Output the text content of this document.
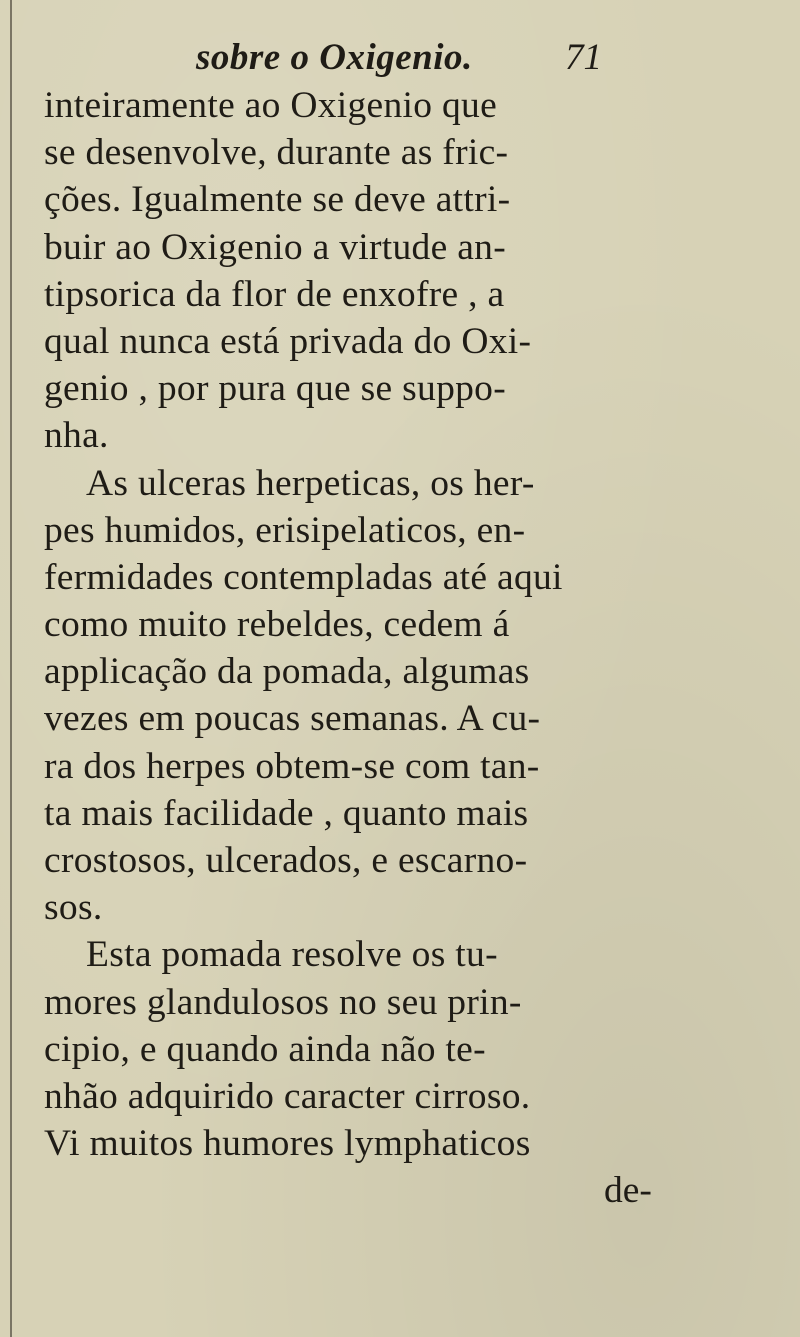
sobre o Oxigenio. 71
inteiramente ao Oxigenio que
se desenvolve, durante as fric-
ções. Igualmente se deve attri-
buir ao Oxigenio a virtude an-
tipsorica da flor de enxofre , a
qual nunca está privada do Oxi-
genio , por pura que se suppo-
nha.
As ulceras herpeticas, os her-
pes humidos, erisipelaticos, en-
fermidades contempladas até aqui
como muito rebeldes, cedem á
applicação da pomada, algumas
vezes em poucas semanas. A cu-
ra dos herpes obtem-se com tan-
ta mais facilidade , quanto mais
crostosos, ulcerados, e escarno-
sos.
Esta pomada resolve os tu-
mores glandulosos no seu prin-
cipio, e quando ainda não te-
nhão adquirido caracter cirroso.
Vi muitos humores lymphaticos
de-
